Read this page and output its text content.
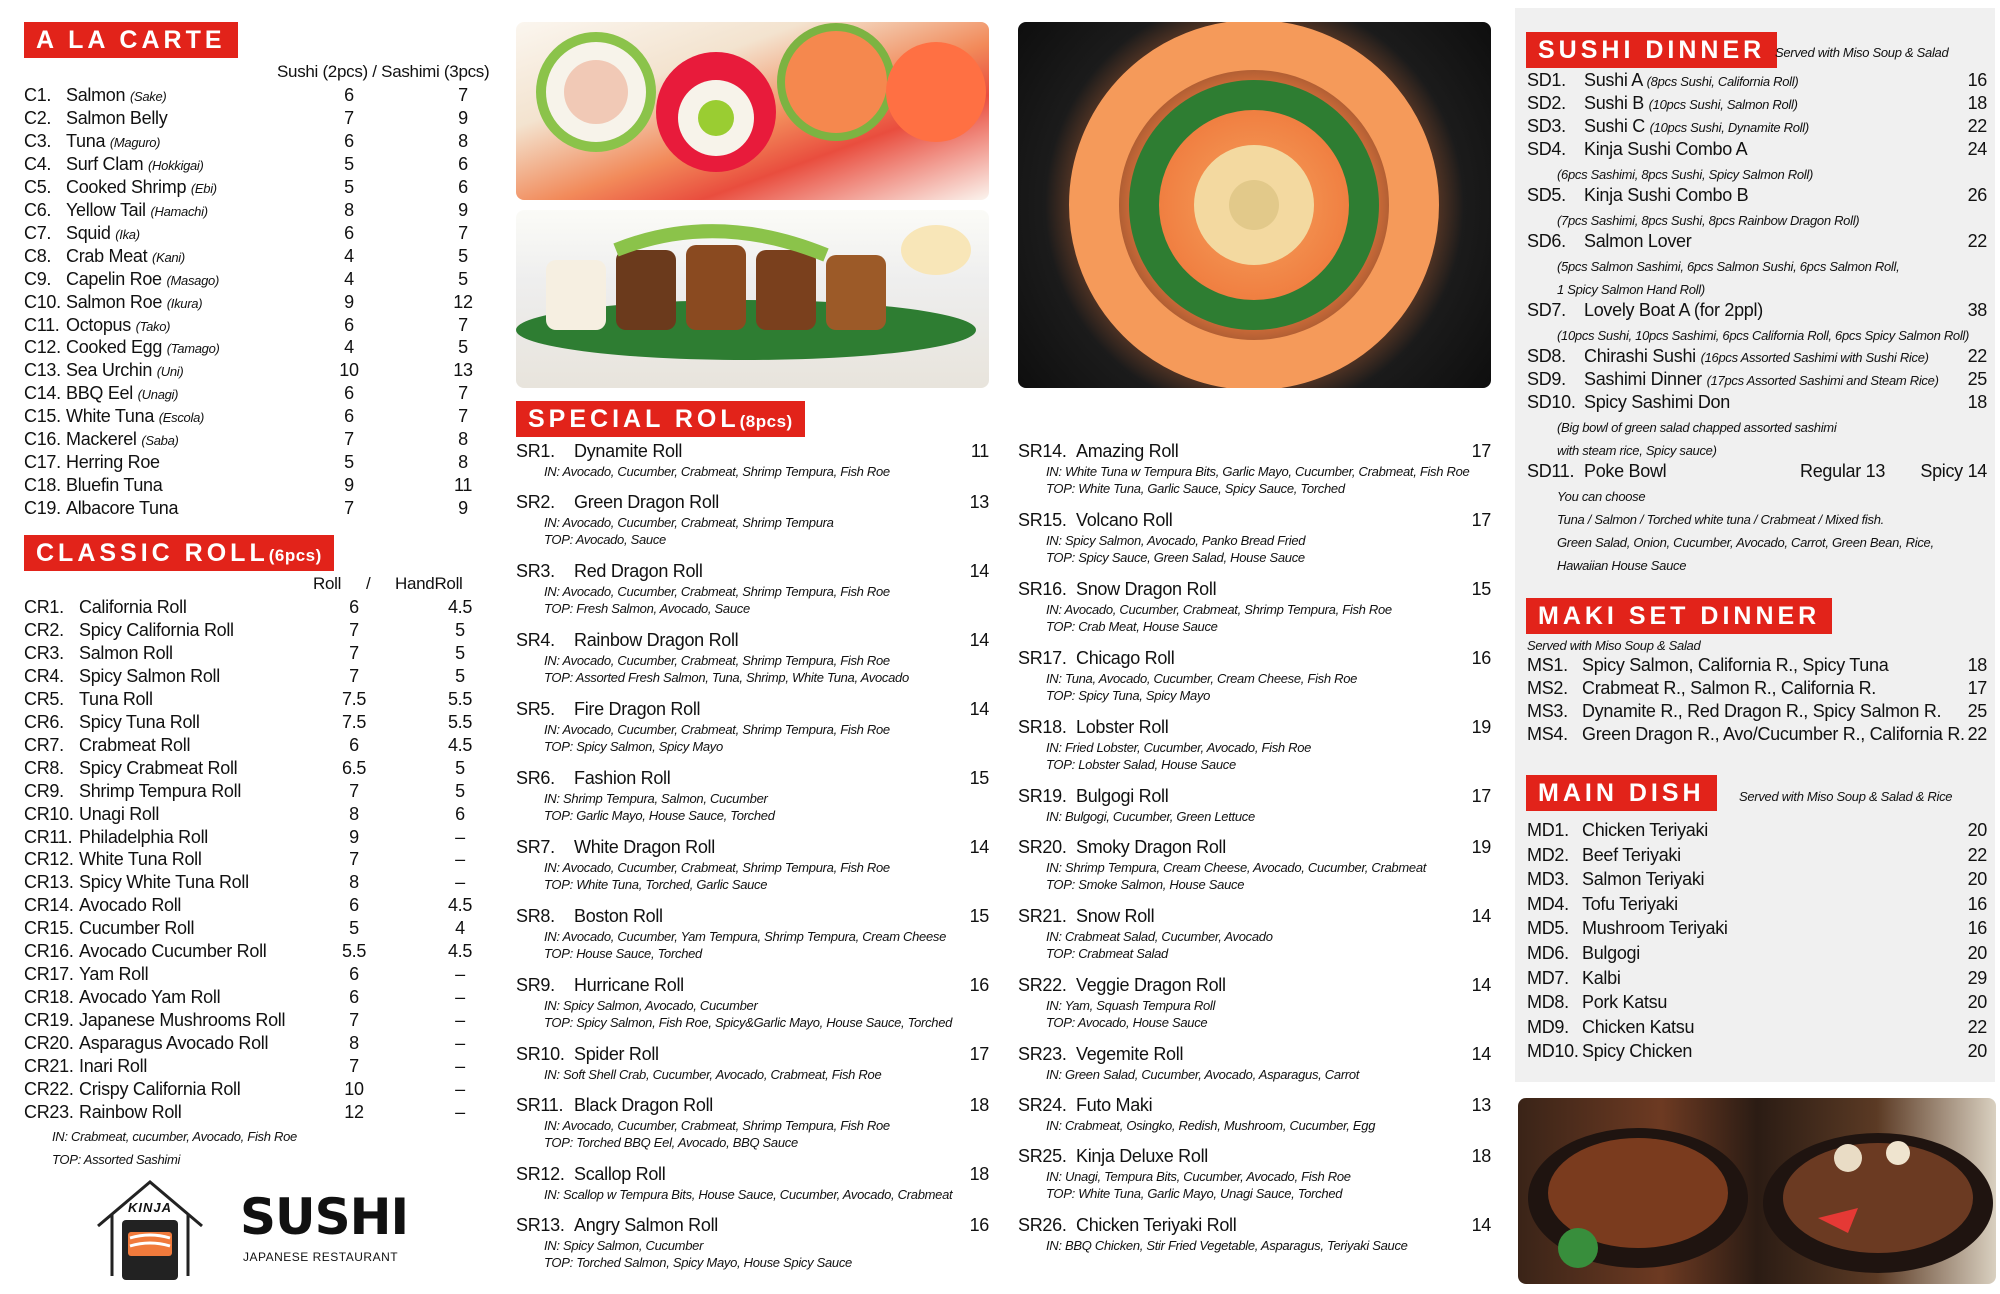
A LA CARTE
Sushi (2pcs) / Sashimi (3pcs)
C1. Salmon (Sake)	6	7
C2. Salmon Belly	7	9
C3. Tuna (Maguro)	6	8
C4. Surf Clam (Hokkigai)	5	6
C5. Cooked Shrimp (Ebi)	5	6
C6. Yellow Tail (Hamachi)	8	9
C7. Squid (Ika)	6	7
C8. Crab Meat (Kani)	4	5
C9. Capelin Roe (Masago)	4	5
C10. Salmon Roe (Ikura)	9	12
C11. Octopus (Tako)	6	7
C12. Cooked Egg (Tamago)	4	5
C13. Sea Urchin (Uni)	10	13
C14. BBQ Eel (Unagi)	6	7
C15. White Tuna (Escola)	6	7
C16. Mackerel (Saba)	7	8
C17. Herring Roe	5	8
C18. Bluefin Tuna	9	11
C19. Albacore Tuna	7	9
CLASSIC ROLL(6pcs)
Roll / HandRoll
CR1. California Roll	6	4.5
CR2. Spicy California Roll	7	5
CR3. Salmon Roll	7	5
CR4. Spicy Salmon Roll	7	5
CR5. Tuna Roll	7.5	5.5
CR6. Spicy Tuna Roll	7.5	5.5
CR7. Crabmeat Roll	6	4.5
CR8. Spicy Crabmeat Roll	6.5	5
CR9. Shrimp Tempura Roll	7	5
CR10. Unagi Roll	8	6
CR11. Philadelphia Roll	9	–
CR12. White Tuna Roll	7	–
CR13. Spicy White Tuna Roll	8	–
CR14. Avocado Roll	6	4.5
CR15. Cucumber Roll	5	4
CR16. Avocado Cucumber Roll	5.5	4.5
CR17. Yam Roll	6	–
CR18. Avocado Yam Roll	6	–
CR19. Japanese Mushrooms Roll	7	–
CR20. Asparagus Avocado Roll	8	–
CR21. Inari Roll	7	–
CR22. Crispy California Roll	10	–
CR23. Rainbow Roll	12	–
IN: Crabmeat, cucumber, Avocado, Fish Roe
TOP: Assorted Sashimi
KINJA	SUSHI
JAPANESE RESTAURANT
SPECIAL ROL(8pcs)
SR1. Dynamite Roll	11
IN: Avocado, Cucumber, Crabmeat, Shrimp Tempura, Fish Roe
SR2. Green Dragon Roll	13
IN: Avocado, Cucumber, Crabmeat, Shrimp Tempura
TOP: Avocado, Sauce
SR3. Red Dragon Roll	14
IN: Avocado, Cucumber, Crabmeat, Shrimp Tempura, Fish Roe
TOP: Fresh Salmon, Avocado, Sauce
SR4. Rainbow Dragon Roll	14
IN: Avocado, Cucumber, Crabmeat, Shrimp Tempura, Fish Roe
TOP: Assorted Fresh Salmon, Tuna, Shrimp, White Tuna, Avocado
SR5. Fire Dragon Roll	14
IN: Avocado, Cucumber, Crabmeat, Shrimp Tempura, Fish Roe
TOP: Spicy Salmon, Spicy Mayo
SR6. Fashion Roll	15
IN: Shrimp Tempura, Salmon, Cucumber
TOP: Garlic Mayo, House Sauce, Torched
SR7. White Dragon Roll	14
IN: Avocado, Cucumber, Crabmeat, Shrimp Tempura, Fish Roe
TOP: White Tuna, Torched, Garlic Sauce
SR8. Boston Roll	15
IN: Avocado, Cucumber, Yam Tempura, Shrimp Tempura, Cream Cheese
TOP: House Sauce, Torched
SR9. Hurricane Roll	16
IN: Spicy Salmon, Avocado, Cucumber
TOP: Spicy Salmon, Fish Roe, Spicy&Garlic Mayo, House Sauce, Torched
SR10. Spider Roll	17
IN: Soft Shell Crab, Cucumber, Avocado, Crabmeat, Fish Roe
SR11. Black Dragon Roll	18
IN: Avocado, Cucumber, Crabmeat, Shrimp Tempura, Fish Roe
TOP: Torched BBQ Eel, Avocado, BBQ Sauce
SR12. Scallop Roll	18
IN: Scallop w Tempura Bits, House Sauce, Cucumber, Avocado, Crabmeat
SR13. Angry Salmon Roll	16
IN: Spicy Salmon, Cucumber
TOP: Torched Salmon, Spicy Mayo, House Spicy Sauce
SR14. Amazing Roll	17
IN: White Tuna w Tempura Bits, Garlic Mayo, Cucumber, Crabmeat, Fish Roe
TOP: White Tuna, Garlic Sauce, Spicy Sauce, Torched
SR15. Volcano Roll	17
IN: Spicy Salmon, Avocado, Panko Bread Fried
TOP: Spicy Sauce, Green Salad, House Sauce
SR16. Snow Dragon Roll	15
IN: Avocado, Cucumber, Crabmeat, Shrimp Tempura, Fish Roe
TOP: Crab Meat, House Sauce
SR17. Chicago Roll	16
IN: Tuna, Avocado, Cucumber, Cream Cheese, Fish Roe
TOP: Spicy Tuna, Spicy Mayo
SR18. Lobster Roll	19
IN: Fried Lobster, Cucumber, Avocado, Fish Roe
TOP: Lobster Salad, House Sauce
SR19. Bulgogi Roll	17
IN: Bulgogi, Cucumber, Green Lettuce
SR20. Smoky Dragon Roll	19
IN: Shrimp Tempura, Cream Cheese, Avocado, Cucumber, Crabmeat
TOP: Smoke Salmon, House Sauce
SR21. Snow Roll	14
IN: Crabmeat Salad, Cucumber, Avocado
TOP: Crabmeat Salad
SR22. Veggie Dragon Roll	14
IN: Yam, Squash Tempura Roll
TOP: Avocado, House Sauce
SR23. Vegemite Roll	14
IN: Green Salad, Cucumber, Avocado, Asparagus, Carrot
SR24. Futo Maki	13
IN: Crabmeat, Osingko, Redish, Mushroom, Cucumber, Egg
SR25. Kinja Deluxe Roll	18
IN: Unagi, Tempura Bits, Cucumber, Avocado, Fish Roe
TOP: White Tuna, Garlic Mayo, Unagi Sauce, Torched
SR26. Chicken Teriyaki Roll	14
IN: BBQ Chicken, Stir Fried Vegetable, Asparagus, Teriyaki Sauce
SUSHI DINNER Served with Miso Soup & Salad
SD1. Sushi A (8pcs Sushi, California Roll)	16
SD2. Sushi B (10pcs Sushi, Salmon Roll)	18
SD3. Sushi C (10pcs Sushi, Dynamite Roll)	22
SD4. Kinja Sushi Combo A	24
SD5. Kinja Sushi Combo B	26
SD6. Salmon Lover	22
SD7. Lovely Boat A (for 2ppl)	38
SD8. Chirashi Sushi (16pcs Assorted Sashimi with Sushi Rice) 22
SD9. Sashimi Dinner (17pcs Assorted Sashimi and Steam Rice) 25
SD10. Spicy Sashimi Don	18
(6pcs Sashimi, 8pcs Sushi, Spicy Salmon Roll)
(7pcs Sashimi, 8pcs Sushi, 8pcs Rainbow Dragon Roll)
(5pcs Salmon Sashimi, 6pcs Salmon Sushi, 6pcs Salmon Roll,
1 Spicy Salmon Hand Roll)
(10pcs Sushi, 10pcs Sashimi, 6pcs California Roll, 6pcs Spicy Salmon Roll)
(Big bowl of green salad chapped assorted sashimi
with steam rice, Spicy sauce)
SD11. Poke Bowl	Regular 13 Spicy 14
You can choose
Tuna / Salmon / Torched white tuna / Crabmeat / Mixed fish.
Green Salad, Onion, Cucumber, Avocado, Carrot, Green Bean, Rice,
Hawaiian House Sauce
MAKI SET DINNER
Served with Miso Soup & Salad
MS1. Spicy Salmon, California R., Spicy Tuna	18
MS2. Crabmeat R., Salmon R., California R.	17
MS3. Dynamite R., Red Dragon R., Spicy Salmon R. 25
MS4. Green Dragon R., Avo/Cucumber R., California R. 22
MAIN DISH	Served with Miso Soup & Salad & Rice
MD1. Chicken Teriyaki	20
MD2. Beef Teriyaki	22
MD3. Salmon Teriyaki	20
MD4. Tofu Teriyaki	16
MD5. Mushroom Teriyaki	16
MD6. Bulgogi	20
MD7. Kalbi	29
MD8. Pork Katsu	20
MD9. Chicken Katsu	22
MD10. Spicy Chicken	20
